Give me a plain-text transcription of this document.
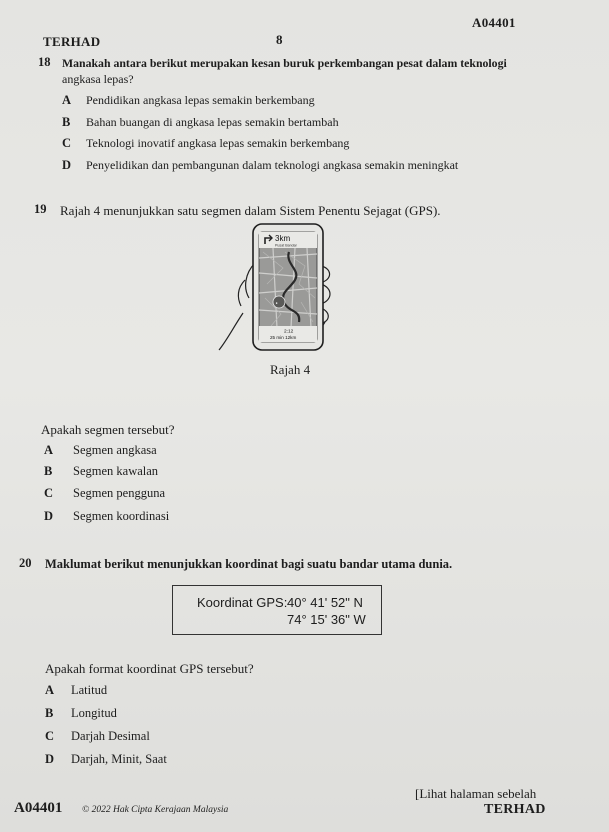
TERHAD	8
A04401
18 Manakah antara berikut merupakan kesan buruk perkembangan pesat dalam teknologi
angkasa lepas?
A Pendidikan angkasa lepas semakin berkembang
B Bahan buangan di angkasa lepas semakin bertambah
C Teknologi inovatif angkasa lepas semakin berkembang
D Penyelidikan dan pembangunan dalam teknologi angkasa semakin meningkat
19 Rajah 4 menunjukkan satu segmen dalam Sistem Penentu Sejagat (GPS).
3km
Pusat Bandar
●
2:12
25 min 12km
Rajah 4
Apakah segmen tersebut?
A Segmen angkasa
B Segmen kawalan
C Segmen pengguna
D Segmen koordinasi
20 Maklumat berikut menunjukkan koordinat bagi suatu bandar utama dunia.
Koordinat GPS: 40° 41' 52" N
74° 15' 36" W
Apakah format koordinat GPS tersebut?
A Latitud
B Longitud
C Darjah Desimal
D Darjah, Minit, Saat
[Lihat halaman sebelah
A04401 © 2022 Hak Cipta Kerajaan Malaysia	TERHAD
